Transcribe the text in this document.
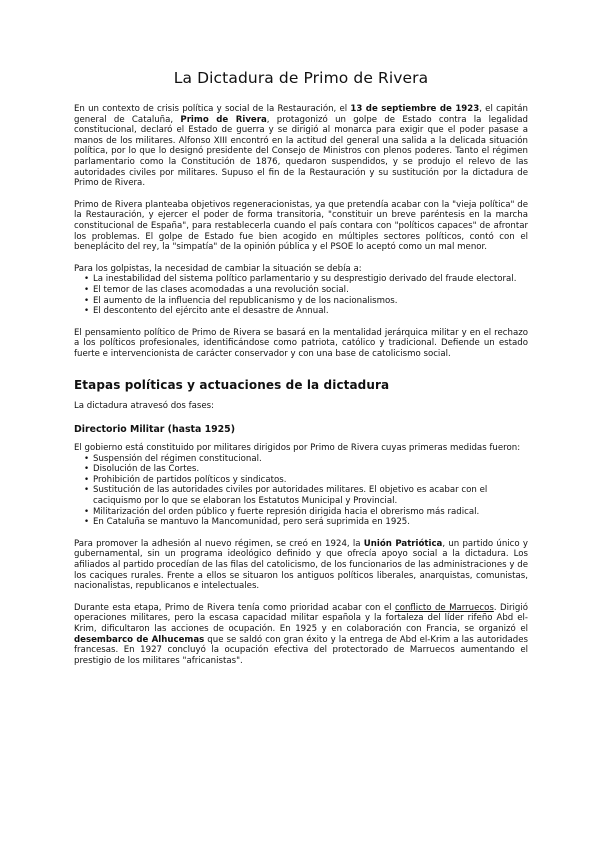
La Dictadura de Primo de Rivera

En un contexto de crisis política y social de la Restauración, el 13 de septiembre de 1923, el capitán general de Cataluña, Primo de Rivera, protagonizó un golpe de Estado contra la legalidad constitucional, declaró el Estado de guerra y se dirigió al monarca para exigir que el poder pasase a manos de los militares. Alfonso XIII encontró en la actitud del general una salida a la delicada situación política, por lo que lo designó presidente del Consejo de Ministros con plenos poderes. Tanto el régimen parlamentario como la Constitución de 1876, quedaron suspendidos, y se produjo el relevo de las autoridades civiles por militares. Supuso el fin de la Restauración y su sustitución por la dictadura de Primo de Rivera.

Primo de Rivera planteaba objetivos regeneracionistas, ya que pretendía acabar con la "vieja política" de la Restauración, y ejercer el poder de forma transitoria, "constituir un breve paréntesis en la marcha constitucional de España", para restablecerla cuando el país contara con "políticos capaces" de afrontar los problemas. El golpe de Estado fue bien acogido en múltiples sectores políticos, contó con el beneplácito del rey, la "simpatía" de la opinión pública y el PSOE lo aceptó como un mal menor.

Para los golpistas, la necesidad de cambiar la situación se debía a:

• La inestabilidad del sistema político parlamentario y su desprestigio derivado del fraude electoral.
• El temor de las clases acomodadas a una revolución social.
• El aumento de la influencia del republicanismo y de los nacionalismos.
• El descontento del ejército ante el desastre de Annual.

El pensamiento político de Primo de Rivera se basará en la mentalidad jerárquica militar y en el rechazo a los políticos profesionales, identificándose como patriota, católico y tradicional. Defiende un estado fuerte e intervencionista de carácter conservador y con una base de catolicismo social.

Etapas políticas y actuaciones de la dictadura

La dictadura atravesó dos fases:

Directorio Militar (hasta 1925)

El gobierno está constituido por militares dirigidos por Primo de Rivera cuyas primeras medidas fueron:

• Suspensión del régimen constitucional.
• Disolución de las Cortes.
• Prohibición de partidos políticos y sindicatos.
• Sustitución de las autoridades civiles por autoridades militares. El objetivo es acabar con el caciquismo por lo que se elaboran los Estatutos Municipal y Provincial.
• Militarización del orden público y fuerte represión dirigida hacia el obrerismo más radical.
• En Cataluña se mantuvo la Mancomunidad, pero será suprimida en 1925.

Para promover la adhesión al nuevo régimen, se creó en 1924, la Unión Patriótica, un partido único y gubernamental, sin un programa ideológico definido y que ofrecía apoyo social a la dictadura. Los afiliados al partido procedían de las filas del catolicismo, de los funcionarios de las administraciones y de los caciques rurales. Frente a ellos se situaron los antiguos políticos liberales, anarquistas, comunistas, nacionalistas, republicanos e intelectuales.

Durante esta etapa, Primo de Rivera tenía como prioridad acabar con el conflicto de Marruecos. Dirigió operaciones militares, pero la escasa capacidad militar española y la fortaleza del líder rifeño Abd el-Krim, dificultaron las acciones de ocupación. En 1925 y en colaboración con Francia, se organizó el desembarco de Alhucemas que se saldó con gran éxito y la entrega de Abd el-Krim a las autoridades francesas. En 1927 concluyó la ocupación efectiva del protectorado de Marruecos aumentando el prestigio de los militares "africanistas".
